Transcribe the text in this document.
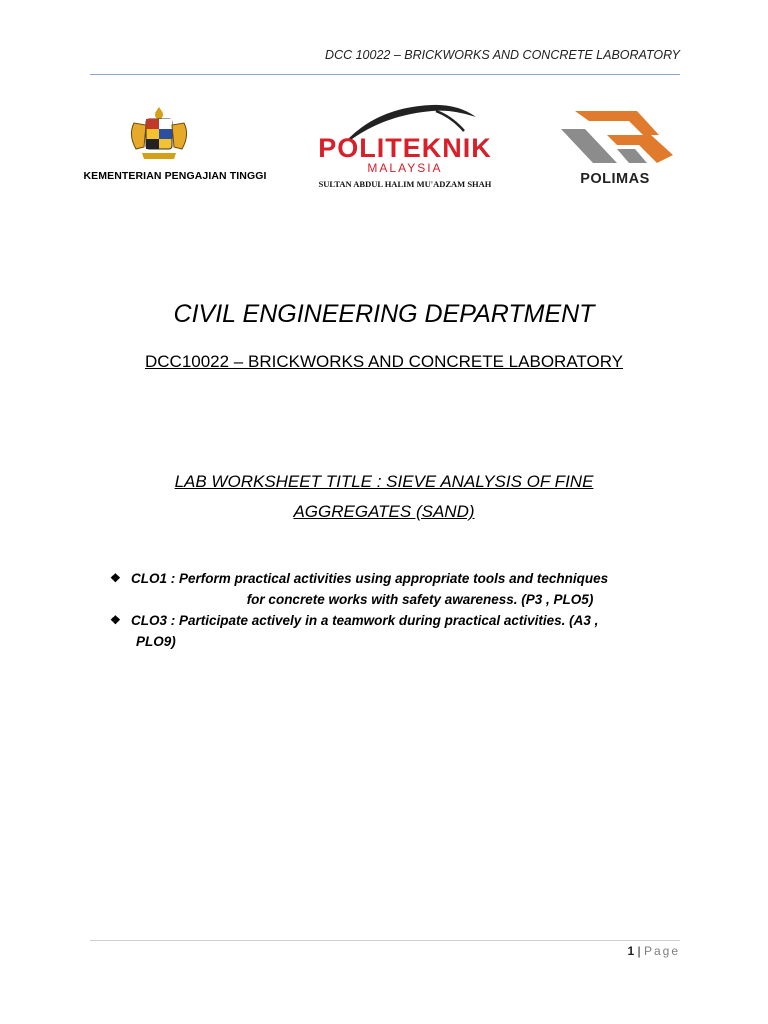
DCC 10022 – BRICKWORKS AND CONCRETE LABORATORY
KEMENTERIAN PENGAJIAN TINGGI
POLITEKNIK
MALAYSIA
SULTAN ABDUL HALIM MU'ADZAM SHAH	POLIMAS
CIVIL ENGINEERING DEPARTMENT
DCC10022 – BRICKWORKS AND CONCRETE LABORATORY
LAB WORKSHEET TITLE : SIEVE ANALYSIS OF FINE
AGGREGATES (SAND)
❖ CLO1 : Perform practical activities using appropriate tools and techniques
for concrete works with safety awareness. (P3 , PLO5)
❖ CLO3 : Participate actively in a teamwork during practical activities. (A3 ,
PLO9)
1 | Page
